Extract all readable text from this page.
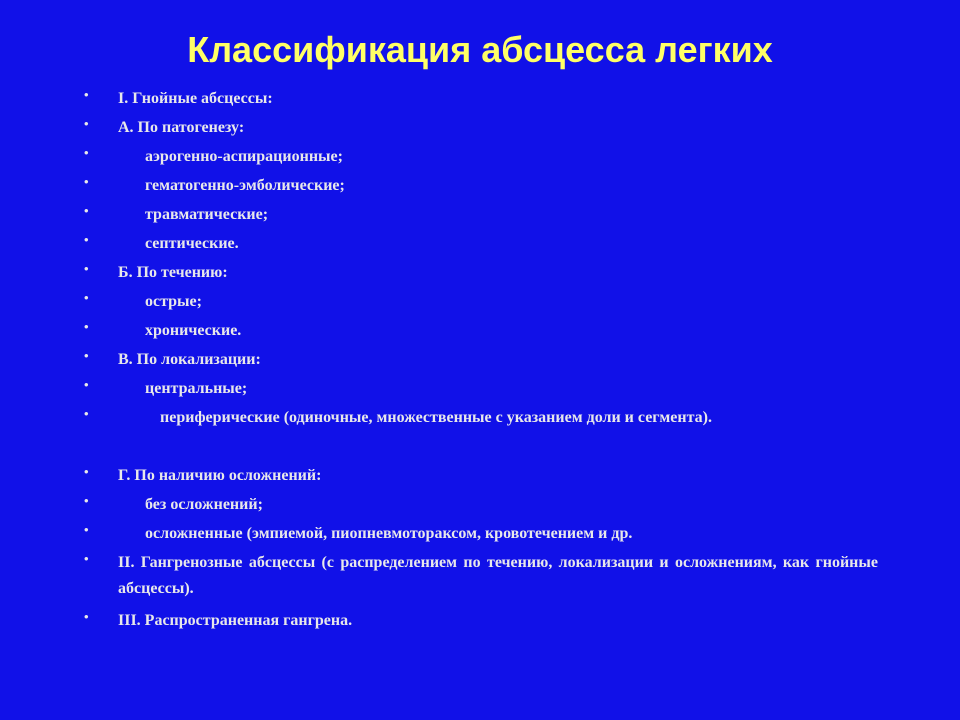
Классификация абсцесса легких
• I. Гнойные абсцессы:
• А. По патогенезу:
•	аэрогенно-аспирационные;
•	гематогенно-эмболические;
•	травматические;
•	септические.
• Б. По течению:
•	острые;
•	хронические.
• В. По локализации:
•	центральные;
•	периферические (одиночные, множественные с указанием доли и сегмента).
• Г. По наличию осложнений:
•	без осложнений;
•	осложненные (эмпиемой, пиопневмотораксом, кровотечением и др.
• II. Гангренозные абсцессы (с распределением по течению, локализации и осложнениям, как гнойные абсцессы).
• III. Распространенная гангрена.
